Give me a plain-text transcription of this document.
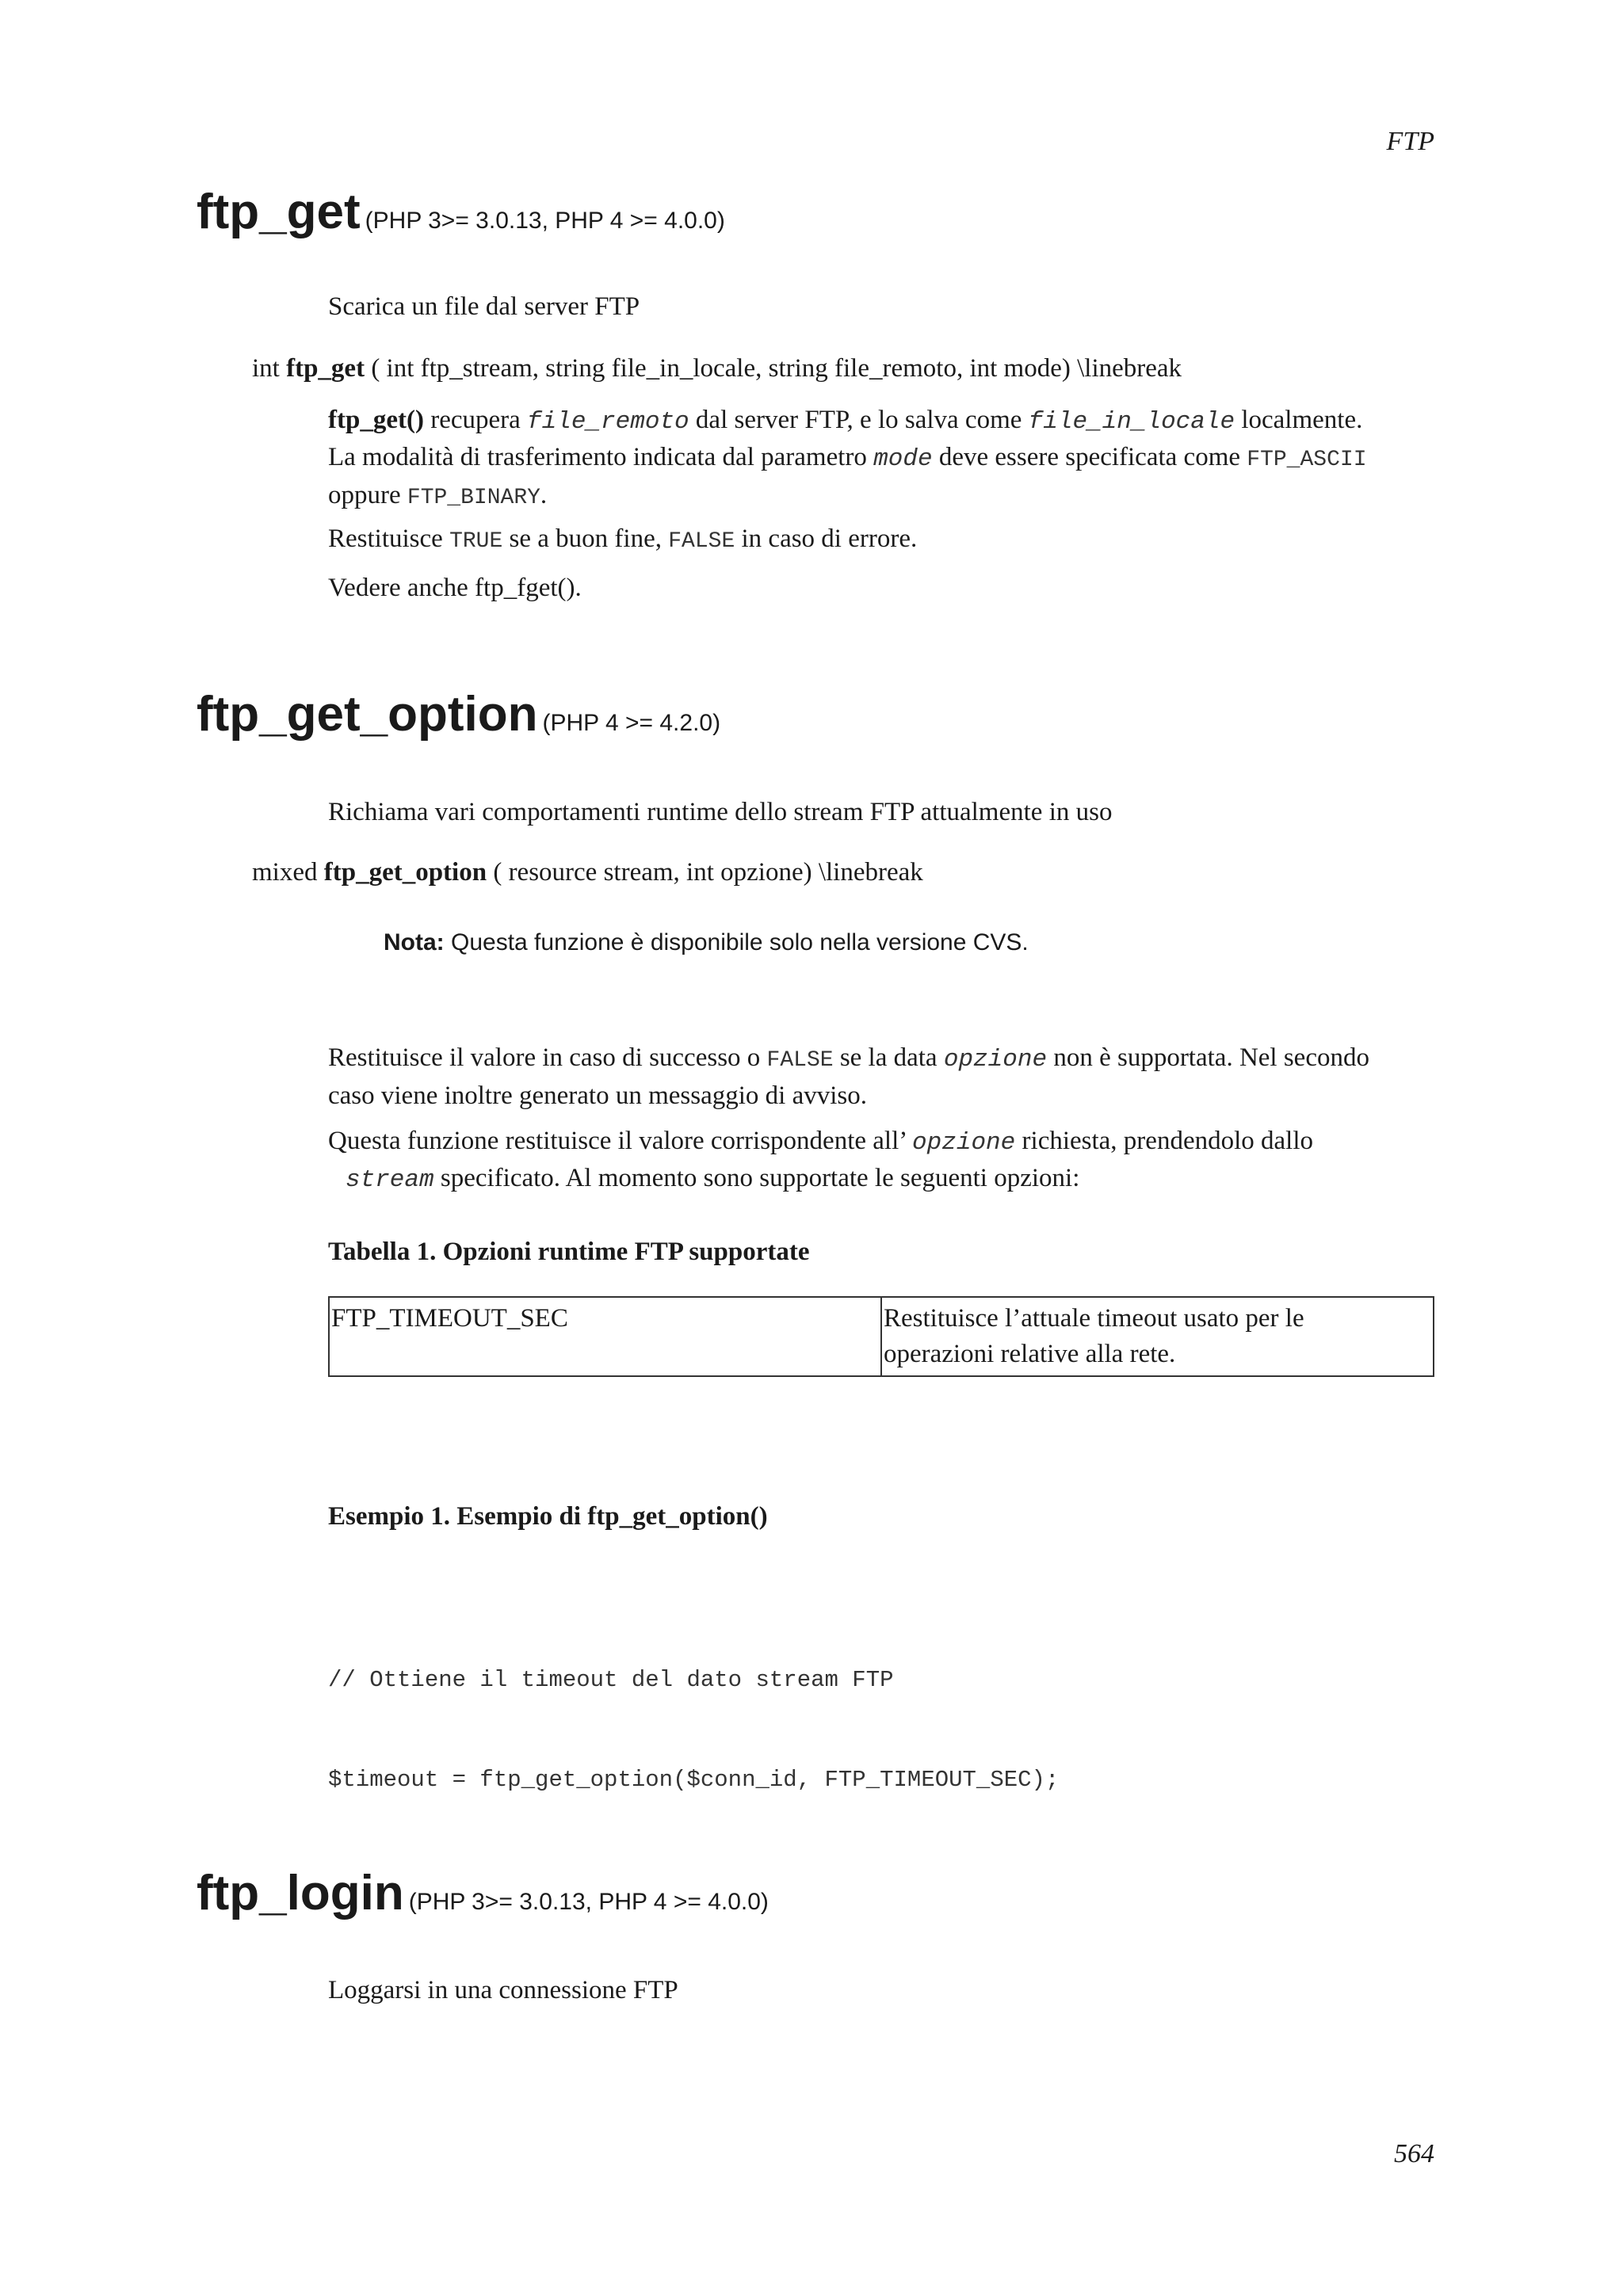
FTP
564
ftp_get (PHP 3>= 3.0.13, PHP 4 >= 4.0.0)
Scarica un file dal server FTP
int ftp_get ( int ftp_stream, string file_in_locale, string file_remoto, int mode) \linebreak
ftp_get() recupera file_remoto dal server FTP, e lo salva come file_in_locale localmente.
La modalità di trasferimento indicata dal parametro mode deve essere specificata come FTP_ASCII
oppure FTP_BINARY.
Restituisce TRUE se a buon fine, FALSE in caso di errore.
Vedere anche ftp_fget().
ftp_get_option (PHP 4 >= 4.2.0)
Richiama vari comportamenti runtime dello stream FTP attualmente in uso
mixed ftp_get_option ( resource stream, int opzione) \linebreak
Nota: Questa funzione è disponibile solo nella versione CVS.
Restituisce il valore in caso di successo o FALSE se la data opzione non è supportata. Nel secondo
caso viene inoltre generato un messaggio di avviso.
Questa funzione restituisce il valore corrispondente all’ opzione richiesta, prendendolo dallo
stream specificato. Al momento sono supportate le seguenti opzioni:
Tabella 1. Opzioni runtime FTP supportate
FTP_TIMEOUT_SEC	Restituisce l’attuale timeout usato per le
operazioni relative alla rete.
Esempio 1. Esempio di ftp_get_option()

// Ottiene il timeout del dato stream FTP

$timeout = ftp_get_option($conn_id, FTP_TIMEOUT_SEC);

ftp_login (PHP 3>= 3.0.13, PHP 4 >= 4.0.0)
Loggarsi in una connessione FTP
